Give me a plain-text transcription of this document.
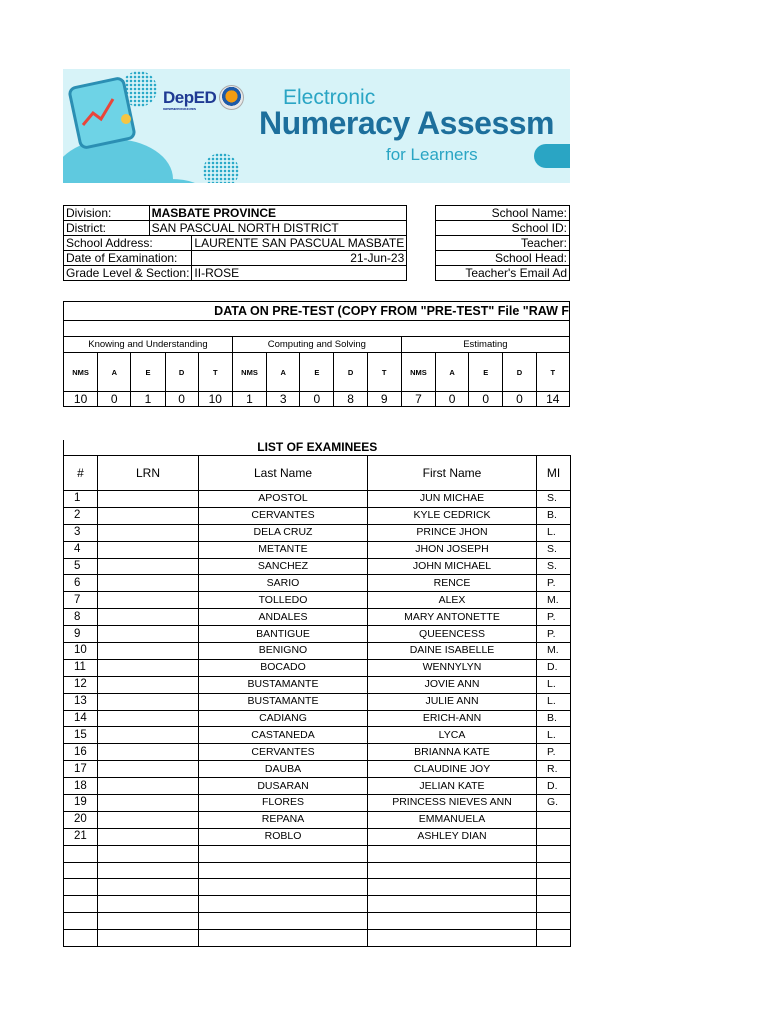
DepED
DEPARTMENT OF EDUCATION	Electronic
Numeracy Assessm
for Learners
Division:	MASBATE PROVINCE	
District:	SAN PASCUAL NORTH DISTRICT	
School Address:		LAURENTE SAN PASCUAL MASBATE
Date of Examination:		21-Jun-23
Grade Level & Section:		II-ROSE
School Name:
School ID:
Teacher:
School Head:
Teacher's Email Ad
DATA ON PRE-TEST (COPY FROM "PRE-TEST" File "RAW F														

Knowing and Understanding					Computing and Solving					Estimating				
NMS	A	E	D	T	NMS	A	E	D	T	NMS	A	E	D	T
10	0	1	0	10	1	3	0	8	9	7	0	0	0	14
LIST OF EXAMINEES				
#	LRN	Last Name	First Name	MI
1		APOSTOL	JUN MICHAE	S.
2		CERVANTES	KYLE CEDRICK	B.
3		DELA CRUZ	PRINCE JHON	L.
4		METANTE	JHON JOSEPH	S.
5		SANCHEZ	JOHN MICHAEL	S.
6		SARIO	RENCE	P.
7		TOLLEDO	ALEX	M.
8		ANDALES	MARY ANTONETTE	P.
9		BANTIGUE	QUEENCESS	P.
10		BENIGNO	DAINE ISABELLE	M.
11		BOCADO	WENNYLYN	D.
12		BUSTAMANTE	JOVIE ANN	L.
13		BUSTAMANTE	JULIE ANN	L.
14		CADIANG	ERICH-ANN	B.
15		CASTANEDA	LYCA	L.
16		CERVANTES	BRIANNA KATE	P.
17		DAUBA	CLAUDINE JOY	R.
18		DUSARAN	JELIAN KATE	D.
19		FLORES	PRINCESS NIEVES ANN	G.
20		REPANA	EMMANUELA	
21		ROBLO	ASHLEY DIAN	
